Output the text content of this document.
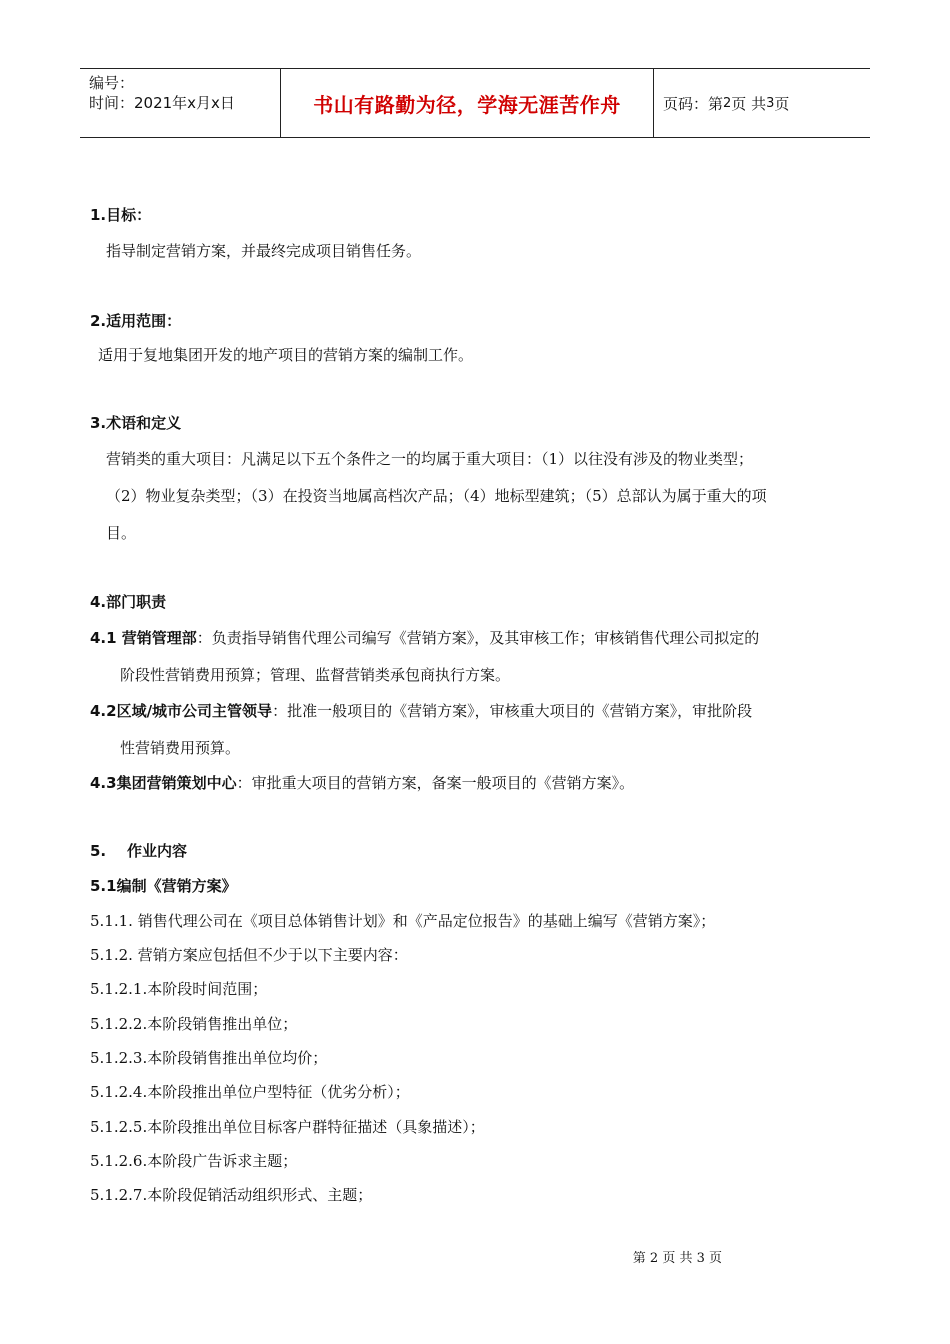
编号：
时间：2021年x月x日	书山有路勤为径，学海无涯苦作舟	页码：第 2 页 共 3 页
1.目标：
指导制定营销方案，并最终完成项目销售任务。
2.适用范围：
适用于复地集团开发的地产项目的营销方案的编制工作。
3.术语和定义
营销类的重大项目：凡满足以下五个条件之一的均属于重大项目：（1）以往没有涉及的物业类型；
（2）物业复杂类型；（3）在投资当地属高档次产品；（4）地标型建筑；（5）总部认为属于重大的项
目。
4.部门职责
4.1 营销管理部：负责指导销售代理公司编写《营销方案》，及其审核工作；审核销售代理公司拟定的
阶段性营销费用预算；管理、监督营销类承包商执行方案。
4.2区域/城市公司主管领导：批准一般项目的《营销方案》，审核重大项目的《营销方案》，审批阶段
性营销费用预算。
4.3集团营销策划中心：审批重大项目的营销方案，备案一般项目的《营销方案》。
5.    作业内容
5.1编制《营销方案》
5.1.1. 销售代理公司在《项目总体销售计划》和《产品定位报告》的基础上编写《营销方案》；
5.1.2. 营销方案应包括但不少于以下主要内容：
5.1.2.1.本阶段时间范围；
5.1.2.2.本阶段销售推出单位；
5.1.2.3.本阶段销售推出单位均价；
5.1.2.4.本阶段推出单位户型特征（优劣分析）；
5.1.2.5.本阶段推出单位目标客户群特征描述（具象描述）；
5.1.2.6.本阶段广告诉求主题；
5.1.2.7.本阶段促销活动组织形式、主题；
第 2 页 共 3 页
